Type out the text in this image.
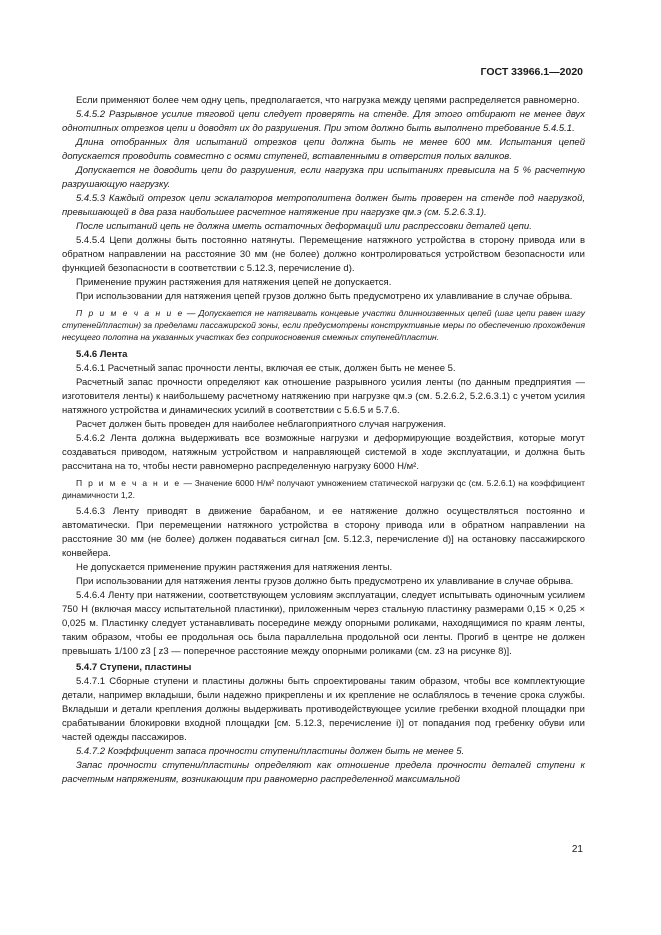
ГОСТ 33966.1—2020

Если применяют более чем одну цепь, предполагается, что нагрузка между цепями распределяется равномерно.

5.4.5.2 Разрывное усилие тяговой цепи следует проверять на стенде. Для этого отбирают не менее двух однотипных отрезков цепи и доводят их до разрушения. При этом должно быть выполнено требование 5.4.5.1.

Длина отобранных для испытаний отрезков цепи должна быть не менее 600 мм. Испытания цепей допускается проводить совместно с осями ступеней, вставленными в отверстия полых валиков.

Допускается не доводить цепи до разрушения, если нагрузка при испытаниях превысила на 5 % расчетную разрушающую нагрузку.

5.4.5.3 Каждый отрезок цепи эскалаторов метрополитена должен быть проверен на стенде под нагрузкой, превышающей в два раза наибольшее расчетное натяжение при нагрузке qм.э (см. 5.2.6.3.1).

После испытаний цепь не должна иметь остаточных деформаций или распрессовки деталей цепи.

5.4.5.4 Цепи должны быть постоянно натянуты. Перемещение натяжного устройства в сторону привода или в обратном направлении на расстояние 30 мм (не более) должно контролироваться устройством безопасности или функцией безопасности в соответствии с 5.12.3, перечисление d).

Применение пружин растяжения для натяжения цепей не допускается.

При использовании для натяжения цепей грузов должно быть предусмотрено их улавливание в случае обрыва.

П р и м е ч а н и е — Допускается не натягивать концевые участки длинноизвенных цепей (шаг цепи равен шагу ступеней/пластин) за пределами пассажирской зоны, если предусмотрены конструктивные меры по обеспечению прохождения несущего полотна на указанных участках без соприкосновения смежных ступеней/пластин.

5.4.6 Лента

5.4.6.1 Расчетный запас прочности ленты, включая ее стык, должен быть не менее 5.

Расчетный запас прочности определяют как отношение разрывного усилия ленты (по данным предприятия — изготовителя ленты) к наибольшему расчетному натяжению при нагрузке qм.э (см. 5.2.6.2, 5.2.6.3.1) с учетом усилия натяжного устройства и динамических усилий в соответствии с 5.6.5 и 5.7.6.

Расчет должен быть проведен для наиболее неблагоприятного случая нагружения.

5.4.6.2 Лента должна выдерживать все возможные нагрузки и деформирующие воздействия, которые могут создаваться приводом, натяжным устройством и направляющей системой в ходе эксплуатации, и должна быть рассчитана на то, чтобы нести равномерно распределенную нагрузку 6000 Н/м².

П р и м е ч а н и е — Значение 6000 Н/м² получают умножением статической нагрузки qс (см. 5.2.6.1) на коэффициент динамичности 1,2.

5.4.6.3 Ленту приводят в движение барабаном, и ее натяжение должно осуществляться постоянно и автоматически. При перемещении натяжного устройства в сторону привода или в обратном направлении на расстояние 30 мм (не более) должен подаваться сигнал [см. 5.12.3, перечисление d)] на остановку пассажирского конвейера.

Не допускается применение пружин растяжения для натяжения ленты.

При использовании для натяжения ленты грузов должно быть предусмотрено их улавливание в случае обрыва.

5.4.6.4 Ленту при натяжении, соответствующем условиям эксплуатации, следует испытывать одиночным усилием 750 Н (включая массу испытательной пластинки), приложенным через стальную пластинку размерами 0,15 × 0,25 × 0,025 м. Пластинку следует устанавливать посередине между опорными роликами, находящимися по краям ленты, таким образом, чтобы ее продольная ось была параллельна продольной оси ленты. Прогиб в центре не должен превышать 1/100 z3 [ z3 — поперечное расстояние между опорными роликами (см. z3 на рисунке 8)].

5.4.7 Ступени, пластины

5.4.7.1 Сборные ступени и пластины должны быть спроектированы таким образом, чтобы все комплектующие детали, например вкладыши, были надежно прикреплены и их крепление не ослаблялось в течение срока службы. Вкладыши и детали крепления должны выдерживать противодействующее усилие гребенки входной площадки при срабатывании блокировки входной площадки [см. 5.12.3, перечисление i)] от попадания под гребенку обуви или частей одежды пассажиров.

5.4.7.2 Коэффициент запаса прочности ступени/пластины должен быть не менее 5.

Запас прочности ступени/пластины определяют как отношение предела прочности деталей ступени к расчетным напряжениям, возникающим при равномерно распределенной максимальной

21
